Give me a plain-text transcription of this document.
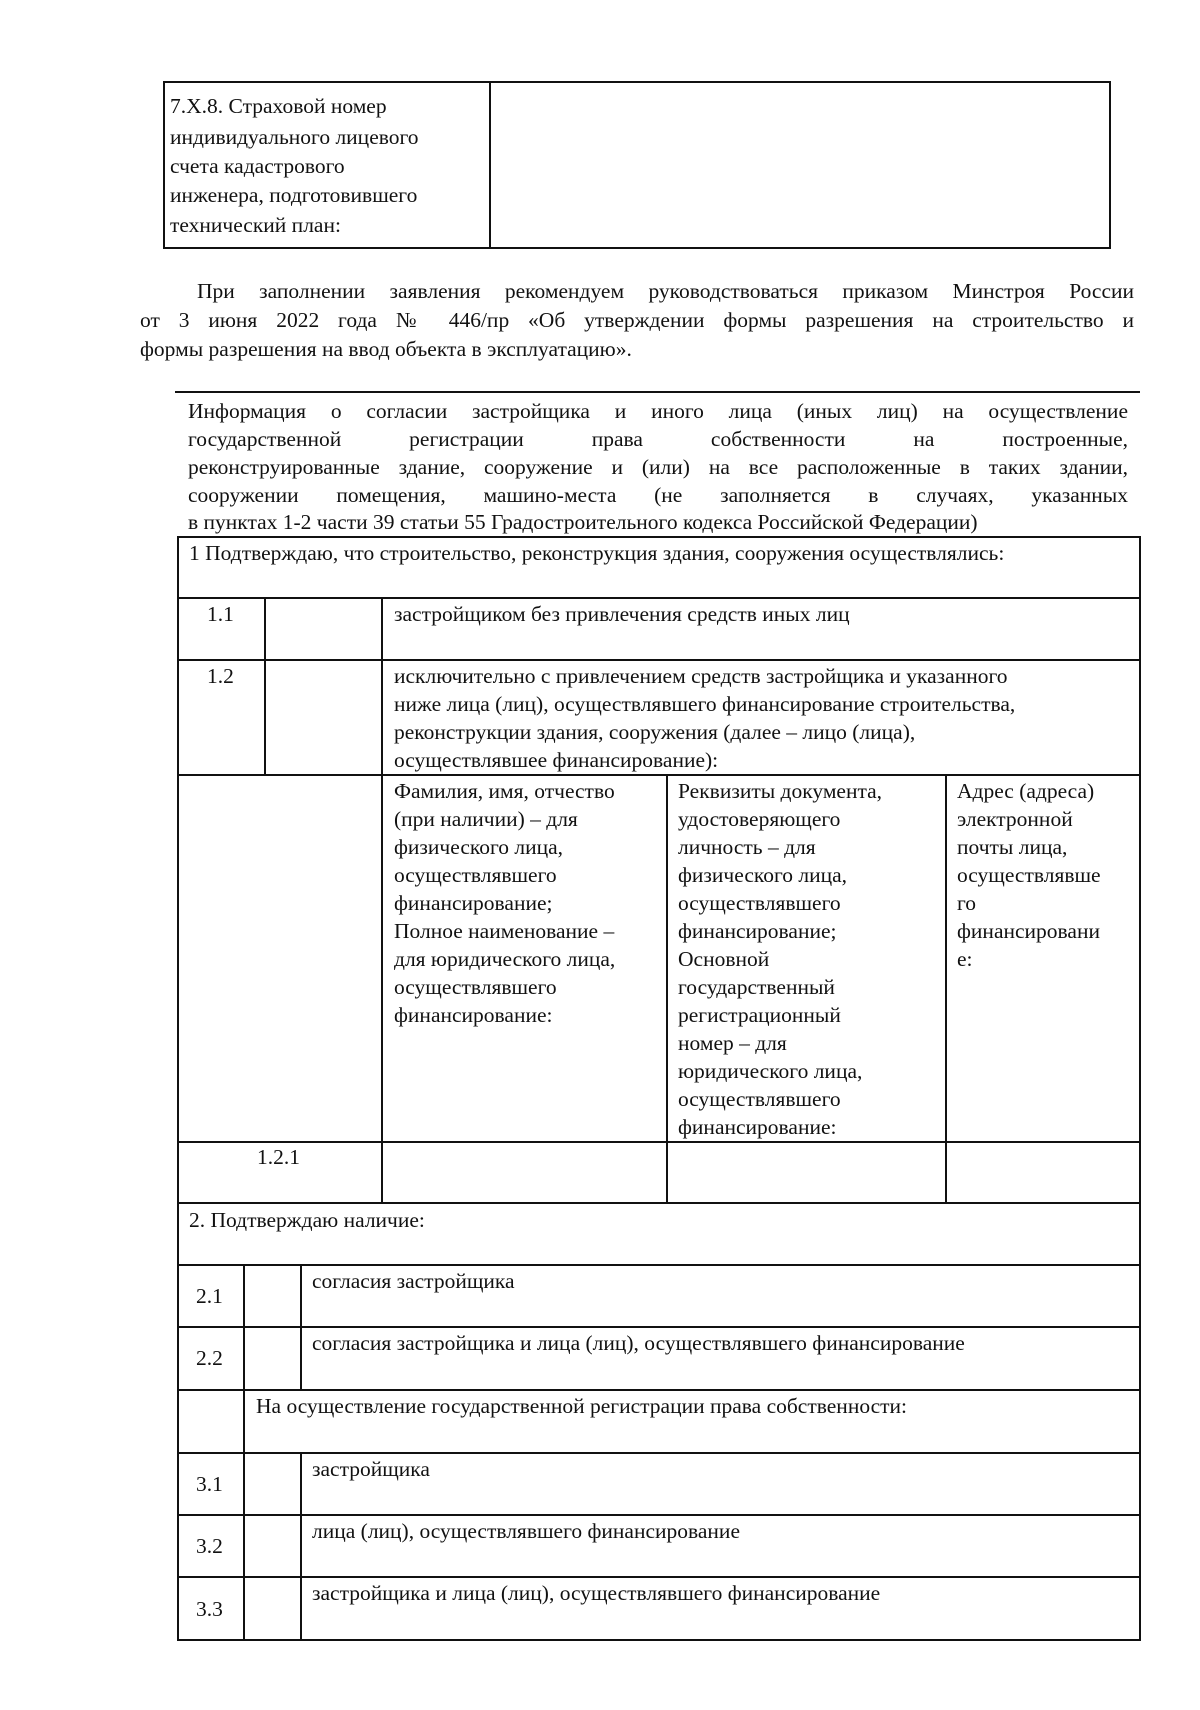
7.Х.8. Страховой номер
индивидуального лицевого
счета кадастрового
инженера, подготовившего
технический план:
При заполнении заявления рекомендуем руководствоваться приказом Минстроя России
от 3 июня 2022 года № 446/пр «Об утверждении формы разрешения на строительство и
формы разрешения на ввод объекта в эксплуатацию».
Информация о согласии застройщика и иного лица (иных лиц) на осуществление
государственной регистрации права собственности на построенные,
реконструированные здание, сооружение и (или) на все расположенные в таких здании,
сооружении помещения, машино-места (не заполняется в случаях, указанных
в пунктах 1-2 части 39 статьи 55 Градостроительного кодекса Российской Федерации)
1 Подтверждаю, что строительство, реконструкция здания, сооружения осуществлялись:
1.1	застройщиком без привлечения средств иных лиц
1.2	исключительно с привлечением средств застройщика и указанного
ниже лица (лиц), осуществлявшего финансирование строительства,
реконструкции здания, сооружения (далее – лицо (лица),
осуществлявшее финансирование):
Фамилия, имя, отчество
(при наличии) – для
физического лица,
осуществлявшего
финансирование;
Полное наименование –
для юридического лица,
осуществлявшего
финансирование:
Реквизиты документа,
удостоверяющего
личность – для
физического лица,
осуществлявшего
финансирование;
Основной
государственный
регистрационный
номер – для
юридического лица,
осуществлявшего
финансирование:
Адрес (адреса)
электронной
почты лица,
осуществлявше
го
финансировани
е:
1.2.1
2. Подтверждаю наличие:
2.1
согласия застройщика
2.2
согласия застройщика и лица (лиц), осуществлявшего финансирование
На осуществление государственной регистрации права собственности:
3.1
застройщика
3.2
лица (лиц), осуществлявшего финансирование
3.3
застройщика и лица (лиц), осуществлявшего финансирование
